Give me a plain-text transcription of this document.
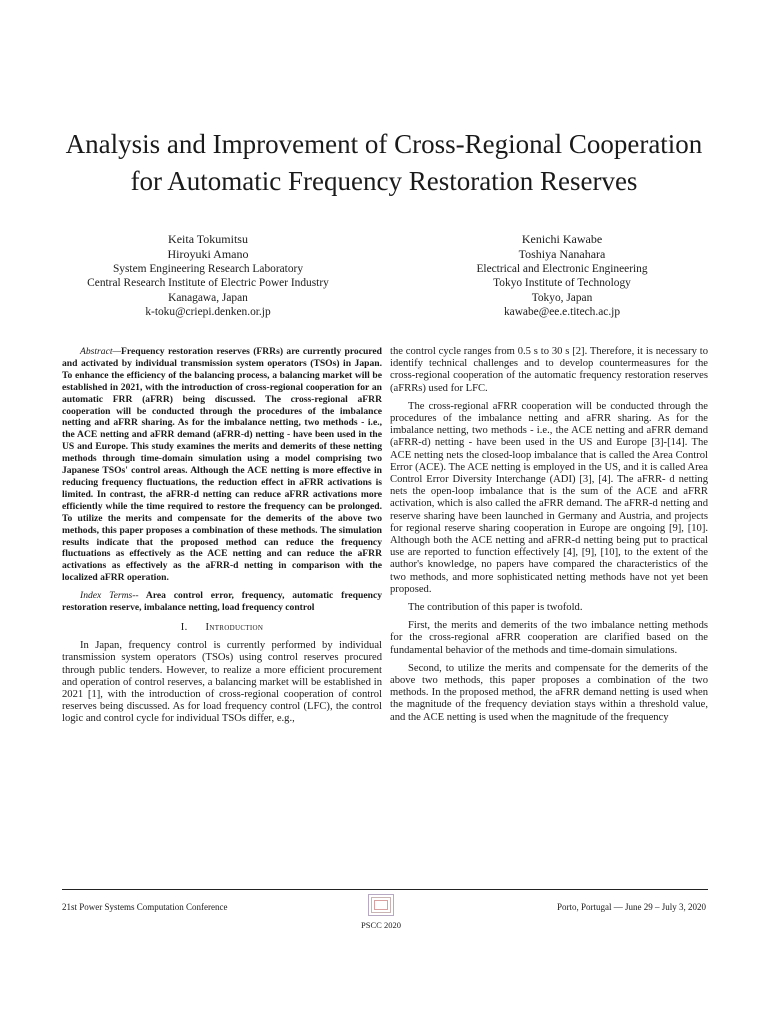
Analysis and Improvement of Cross-Regional Cooperation for Automatic Frequency Restoration Reserves
Keita Tokumitsu
Hiroyuki Amano
System Engineering Research Laboratory
Central Research Institute of Electric Power Industry
Kanagawa, Japan
k-toku@criepi.denken.or.jp
Kenichi Kawabe
Toshiya Nanahara
Electrical and Electronic Engineering
Tokyo Institute of Technology
Tokyo, Japan
kawabe@ee.e.titech.ac.jp

Abstract—Frequency restoration reserves (FRRs) are currently procured and activated by individual transmission system operators (TSOs) in Japan. To enhance the efficiency of the balancing process, a balancing market will be established in 2021, with the introduction of cross-regional cooperation for an automatic FRR (aFRR) being discussed. The cross-regional aFRR cooperation will be conducted through the procedures of the imbalance netting and aFRR sharing. As for the imbalance netting, two methods - i.e., the ACE netting and aFRR demand (aFRR-d) netting - have been used in the US and Europe. This study examines the merits and demerits of these netting methods through time-domain simulation using a model comprising two Japanese TSOs' control areas. Although the ACE netting is more effective in reducing frequency fluctuations, the reduction effect in aFRR activations is limited. In contrast, the aFRR-d netting can reduce aFRR activations more efficiently while the time required to restore the frequency can be prolonged. To utilize the merits and compensate for the demerits of the above two methods, this paper proposes a combination of these methods. The simulation results indicate that the proposed method can reduce the frequency fluctuations as effectively as the ACE netting and can reduce the aFRR activations as effectively as the aFRR-d netting in comparison with the localized aFRR operation.

Index Terms-- Area control error, frequency, automatic frequency restoration reserve, imbalance netting, load frequency control

I. Introduction

In Japan, frequency control is currently performed by individual transmission system operators (TSOs) using control reserves procured through public tenders. However, to realize a more efficient procurement and operation of control reserves, a balancing market will be established in 2021 [1], with the introduction of cross-regional cooperation of control reserves being discussed. As for load frequency control (LFC), the control logic and control cycle for individual TSOs differ, e.g.,

the control cycle ranges from 0.5 s to 30 s [2]. Therefore, it is necessary to identify technical challenges and to develop countermeasures for the cross-regional cooperation of the automatic frequency restoration reserves (aFRRs) used for LFC.

The cross-regional aFRR cooperation will be conducted through the procedures of the imbalance netting and aFRR sharing. As for the imbalance netting, two methods - i.e., the ACE netting and aFRR demand (aFRR-d) netting - have been used in the US and Europe [3]-[14]. The ACE netting nets the closed-loop imbalance that is called the Area Control Error (ACE). The ACE netting is employed in the US, and it is called Area Control Error Diversity Interchange (ADI) [3], [4]. The aFRR- d netting nets the open-loop imbalance that is the sum of the ACE and aFRR activation, which is also called the aFRR demand. The aFRR-d netting and reserve sharing have been launched in Germany and Austria, and projects for regional reserve sharing cooperation in Europe are ongoing [9], [10]. Although both the ACE netting and aFRR-d netting being put to practical use are reported to function effectively [4], [9], [10], to the extent of the author's knowledge, no papers have compared the characteristics of the two methods, and more sophisticated netting methods have not yet been proposed.

The contribution of this paper is twofold.

First, the merits and demerits of the two imbalance netting methods for the cross-regional aFRR cooperation are clarified based on the fundamental behavior of the methods and time-domain simulations.

Second, to utilize the merits and compensate for the demerits of the above two methods, this paper proposes a combination of the two methods. In the proposed method, the aFRR demand netting is used when the magnitude of the frequency deviation stays within a threshold value, and the ACE netting is used when the magnitude of the frequency

21st Power Systems Computation Conference
PSCC 2020
Porto, Portugal — June 29 – July 3, 2020
